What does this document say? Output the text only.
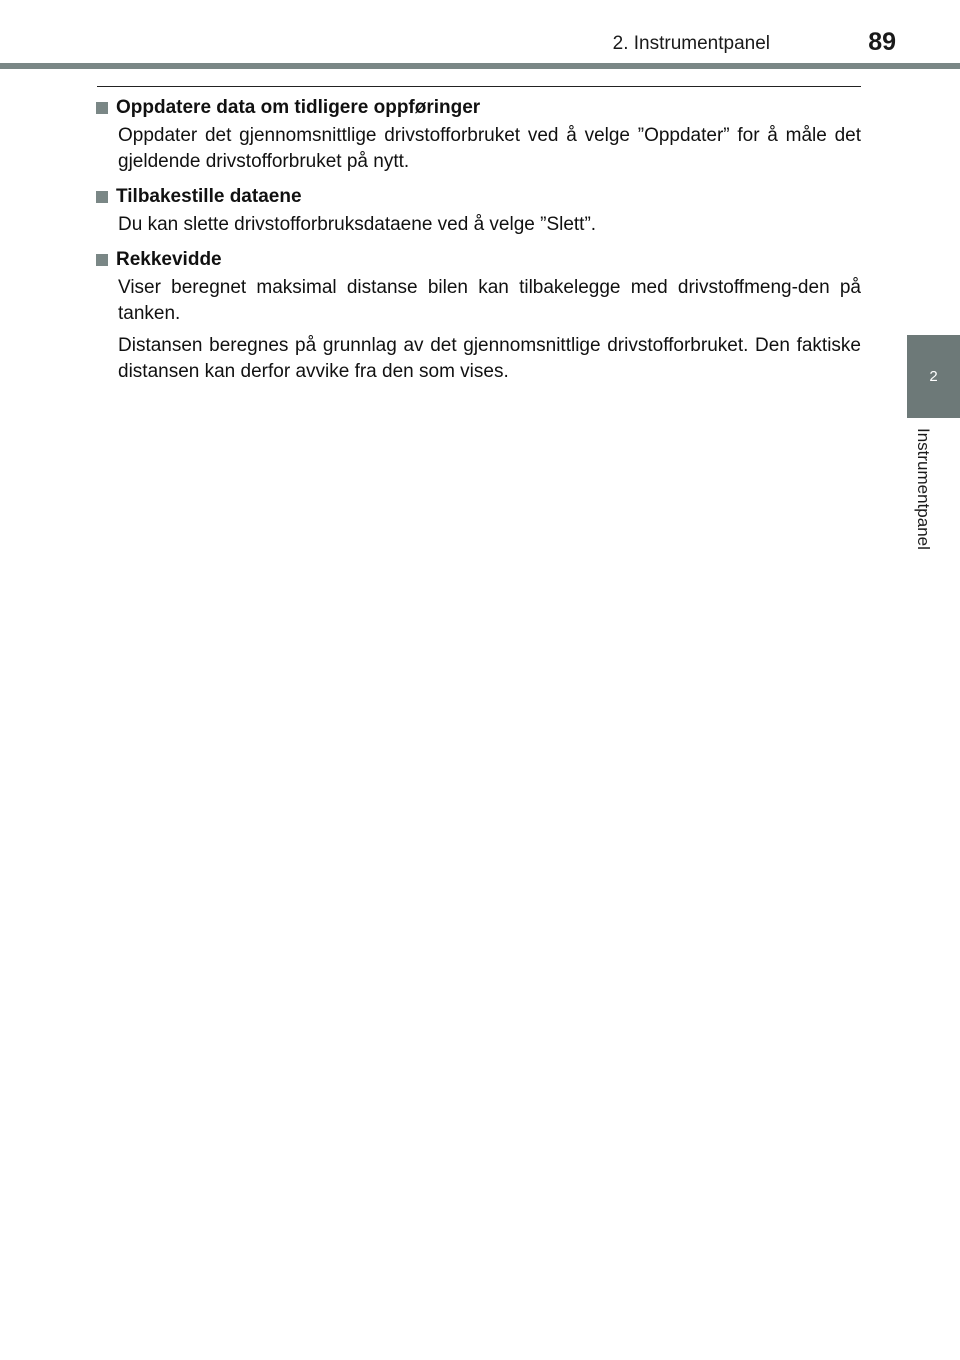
2. Instrumentpanel	89
2
Instrumentpanel
Oppdatere data om tidligere oppføringer

Oppdater det gjennomsnittlige drivstofforbruket ved å velge ”Oppdater” for å måle det gjeldende drivstofforbruket på nytt.

Tilbakestille dataene

Du kan slette drivstofforbruksdataene ved å velge ”Slett”.

Rekkevidde

Viser beregnet maksimal distanse bilen kan tilbakelegge med drivstoffmeng-den på tanken.

Distansen beregnes på grunnlag av det gjennomsnittlige drivstofforbruket. Den faktiske distansen kan derfor avvike fra den som vises.
